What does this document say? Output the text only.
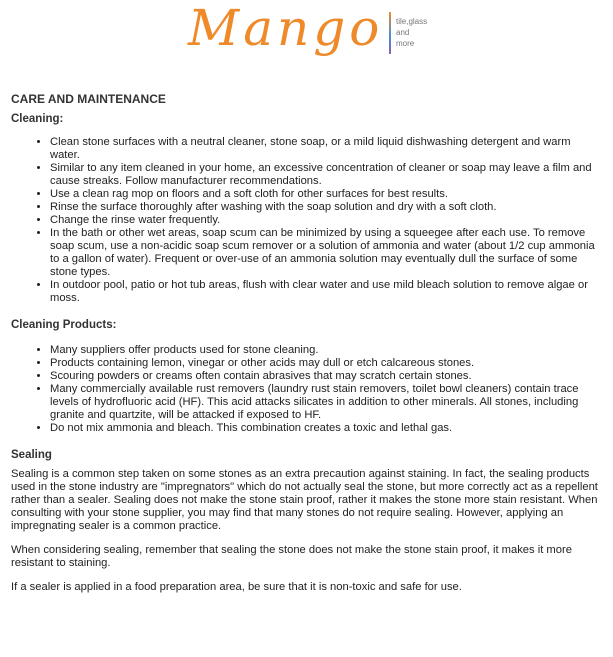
Mango tile,glass
and
more
CARE AND MAINTENANCE
Cleaning:
• Clean stone surfaces with a neutral cleaner, stone soap, or a mild liquid dishwashing detergent and warm water.
• Similar to any item cleaned in your home, an excessive concentration of cleaner or soap may leave a film and cause streaks. Follow manufacturer recommendations.
• Use a clean rag mop on floors and a soft cloth for other surfaces for best results.
• Rinse the surface thoroughly after washing with the soap solution and dry with a soft cloth.
• Change the rinse water frequently.
• In the bath or other wet areas, soap scum can be minimized by using a squeegee after each use. To remove soap scum, use a non-acidic soap scum remover or a solution of ammonia and water (about 1/2 cup ammonia to a gallon of water). Frequent or over-use of an ammonia solution may eventually dull the surface of some stone types.
• In outdoor pool, patio or hot tub areas, flush with clear water and use mild bleach solution to remove algae or moss.
Cleaning Products:
• Many suppliers offer products used for stone cleaning.
• Products containing lemon, vinegar or other acids may dull or etch calcareous stones.
• Scouring powders or creams often contain abrasives that may scratch certain stones.
• Many commercially available rust removers (laundry rust stain removers, toilet bowl cleaners) contain trace levels of hydrofluoric acid (HF). This acid attacks silicates in addition to other minerals. All stones, including granite and quartzite, will be attacked if exposed to HF.
• Do not mix ammonia and bleach. This combination creates a toxic and lethal gas.
Sealing

Sealing is a common step taken on some stones as an extra precaution against staining. In fact, the sealing products used in the stone industry are "impregnators" which do not actually seal the stone, but more correctly act as a repellent rather than a sealer. Sealing does not make the stone stain proof, rather it makes the stone more stain resistant. When consulting with your stone supplier, you may find that many stones do not require sealing. However, applying an impregnating sealer is a common practice.

When considering sealing, remember that sealing the stone does not make the stone stain proof, it makes it more resistant to staining.

If a sealer is applied in a food preparation area, be sure that it is non-toxic and safe for use.
